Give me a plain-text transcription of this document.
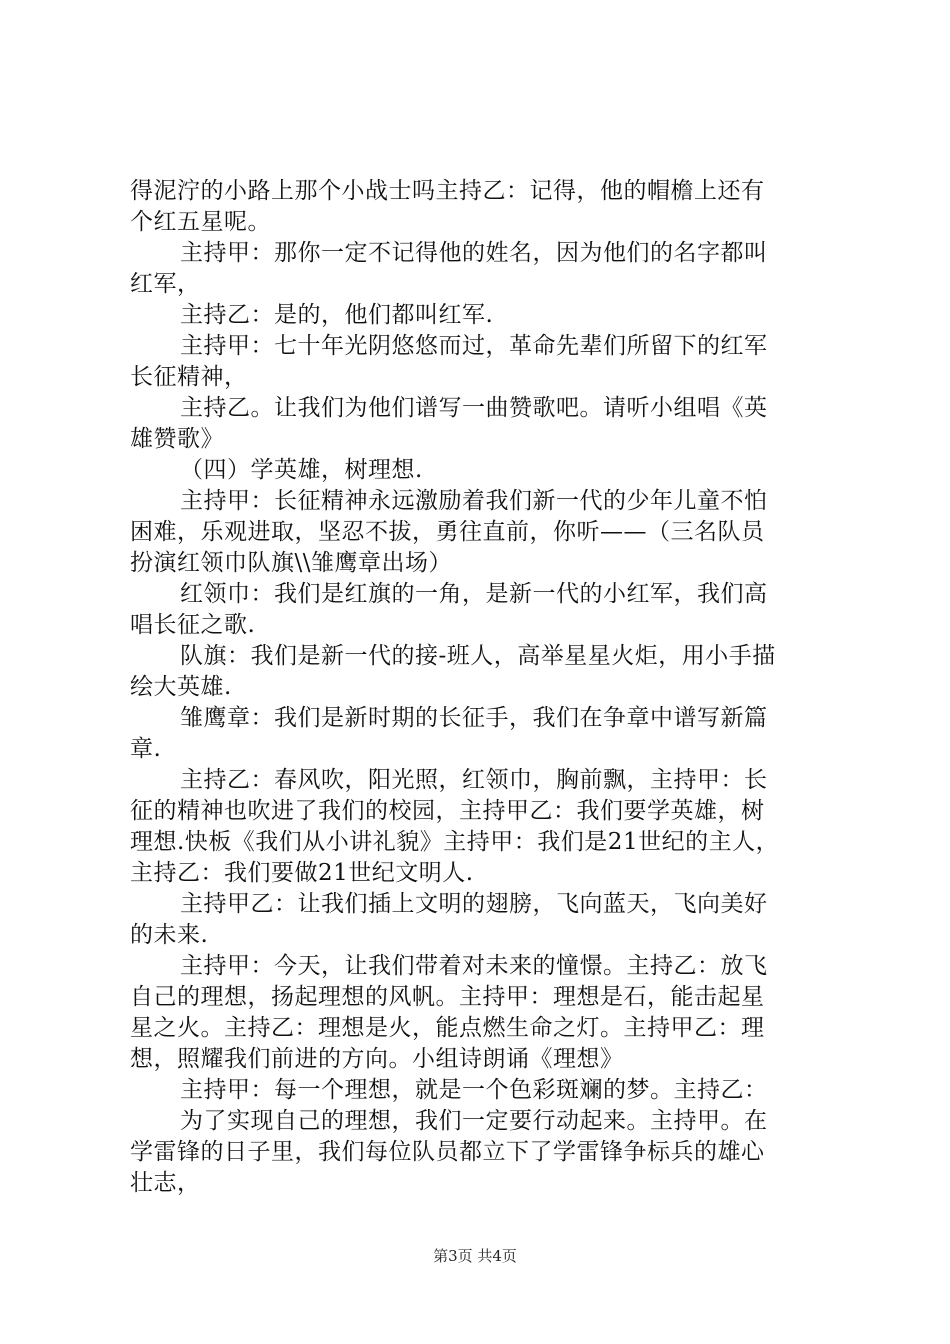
得泥泞的小路上那个小战士吗主持乙：记得，他的帽檐上还有
个红五星呢。
主持甲：那你一定不记得他的姓名，因为他们的名字都叫
红军，
主持乙：是的，他们都叫红军.
主持甲：七十年光阴悠悠而过，革命先辈们所留下的红军
长征精神，
主持乙。让我们为他们谱写一曲赞歌吧。请听小组唱《英
雄赞歌》
（四）学英雄，树理想.
主持甲：长征精神永远激励着我们新一代的少年儿童不怕
困难，乐观进取，坚忍不拔，勇往直前，你听——（三名队员
扮演红领巾队旗\\雏鹰章出场）
红领巾：我们是红旗的一角，是新一代的小红军，我们高
唱长征之歌.
队旗：我们是新一代的接-班人，高举星星火炬，用小手描
绘大英雄.
雏鹰章：我们是新时期的长征手，我们在争章中谱写新篇
章.
主持乙：春风吹，阳光照，红领巾，胸前飘，主持甲：长
征的精神也吹进了我们的校园，主持甲乙：我们要学英雄，树
理想.快板《我们从小讲礼貌》主持甲：我们是21世纪的主人，
主持乙：我们要做21世纪文明人.
主持甲乙：让我们插上文明的翅膀，飞向蓝天，飞向美好
的未来.
主持甲：今天，让我们带着对未来的憧憬。主持乙：放飞
自己的理想，扬起理想的风帆。主持甲：理想是石，能击起星
星之火。主持乙：理想是火，能点燃生命之灯。主持甲乙：理
想，照耀我们前进的方向。小组诗朗诵《理想》
主持甲：每一个理想，就是一个色彩斑斓的梦。主持乙：
为了实现自己的理想，我们一定要行动起来。主持甲。在
学雷锋的日子里，我们每位队员都立下了学雷锋争标兵的雄心
壮志，
第3页 共4页
